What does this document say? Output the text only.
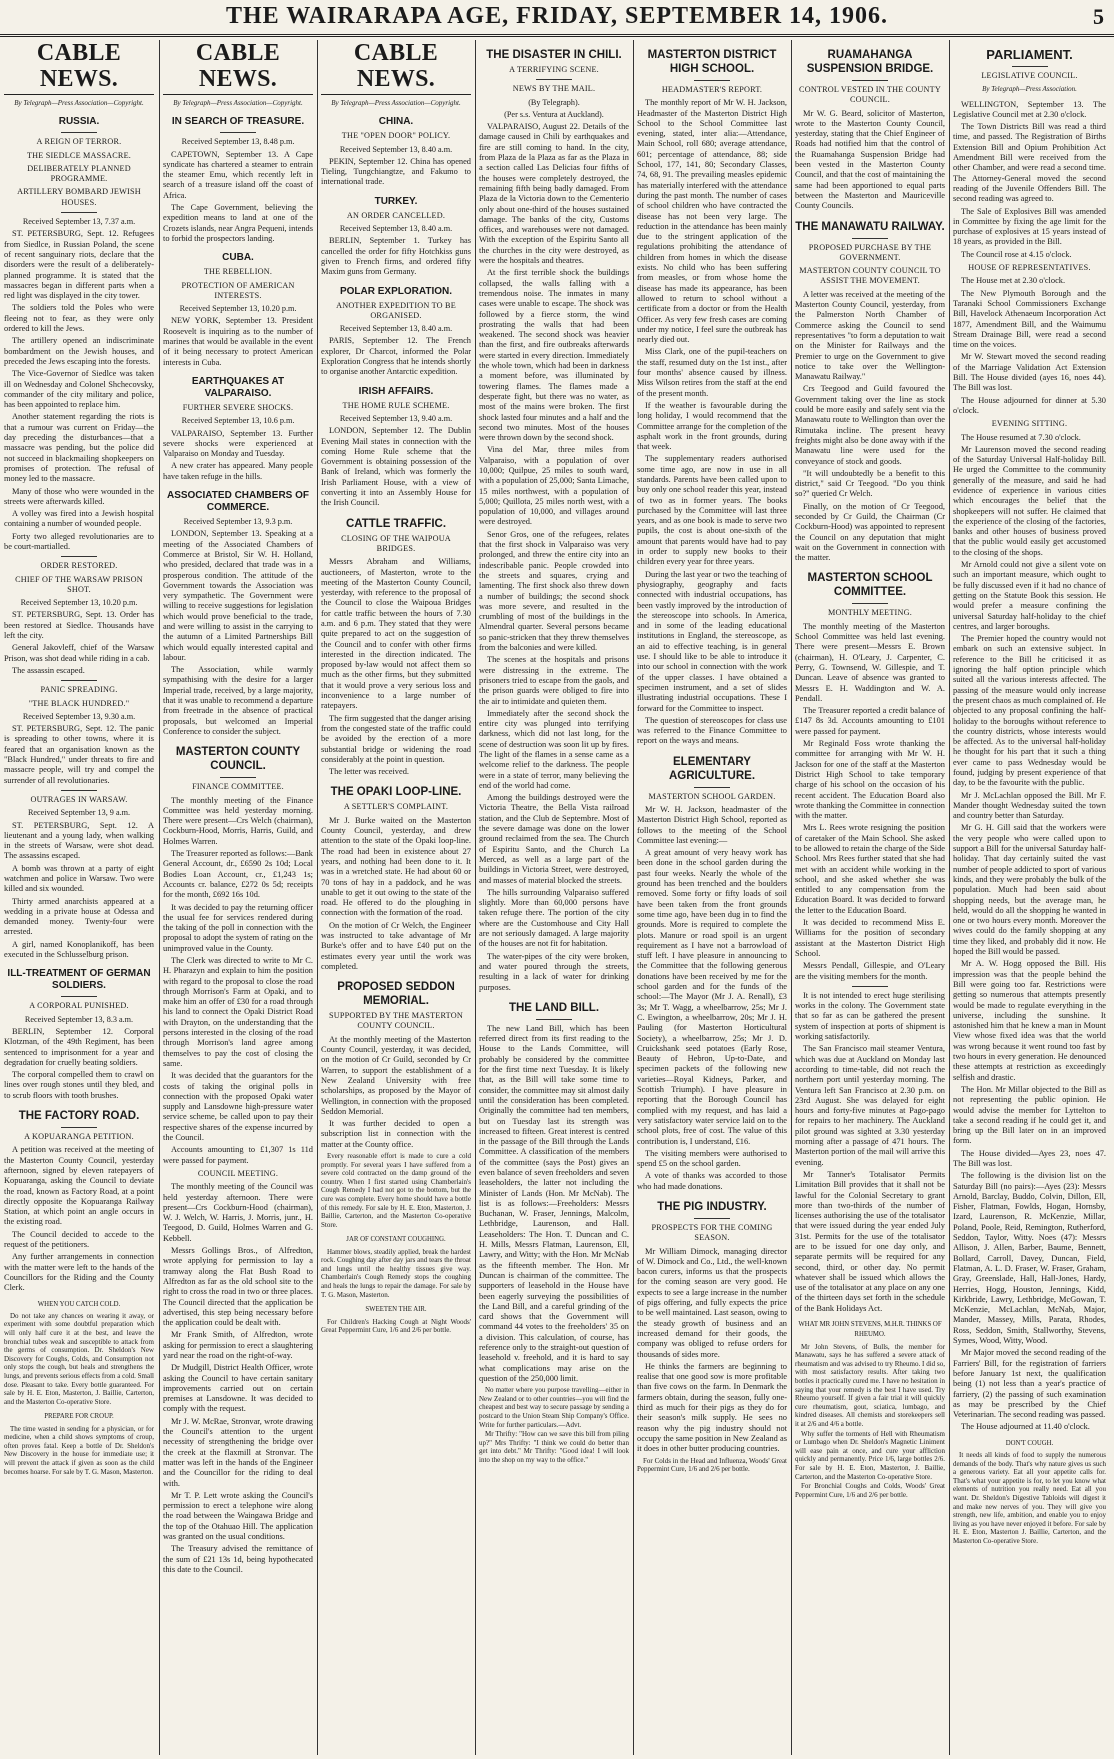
THE WAIRARAPA AGE, FRIDAY, SEPTEMBER 14, 1906.	5
CABLE NEWS.
By Telegraph—Press Association—Copyright.
RUSSIA.
A REIGN OF TERROR.
THE SIEDLCE MASSACRE.
DELIBERATELY PLANNED PROGRAMME.
ARTILLERY BOMBARD JEWISH HOUSES.
Received September 13, 7.37 a.m.

ST. PETERSBURG, Sept. 12. Refugees from Siedlce, in Russian Poland, the scene of recent sanguinary riots, declare that the disorders were the result of a deliberately-planned programme. It is stated that the massacres began in different parts when a red light was displayed in the city tower.

The soldiers told the Poles who were fleeing not to fear, as they were only ordered to kill the Jews.

The artillery opened an indiscriminate bombardment on the Jewish houses, and preceded the Jews escaping into the forests.

The Vice-Governor of Siedlce was taken ill on Wednesday and Colonel Shchecovsky, commander of the city military and police, has been appointed to replace him.

Another statement regarding the riots is that a rumour was current on Friday—the day preceding the disturbances—that a massacre was pending, but the police did not succeed in blackmailing shopkeepers on promises of protection. The refusal of money led to the massacre.

Many of those who were wounded in the streets were afterwards killed.

A volley was fired into a Jewish hospital containing a number of wounded people.

Forty two alleged revolutionaries are to be court-martialled.

ORDER RESTORED.
CHIEF OF THE WARSAW PRISON SHOT.
Received September 13, 10.20 p.m.

ST. PETERSBURG, Sept. 13. Order has been restored at Siedlce. Thousands have left the city.

General Jakovleff, chief of the Warsaw Prison, was shot dead while riding in a cab.

The assassin escaped.

PANIC SPREADING.
"THE BLACK HUNDRED."
Received September 13, 9.30 a.m.

ST. PETERSBURG, Sept. 12. The panic is spreading to other towns, where it is feared that an organisation known as the "Black Hundred," under threats to fire and massacre people, will try and compel the surrender of all revolutionaries.

OUTRAGES IN WARSAW.
Received September 13, 9 a.m.

ST. PETERSBURG, Sept. 12. A lieutenant and a young lady, when walking in the streets of Warsaw, were shot dead. The assassins escaped.

A bomb was thrown at a party of eight watchmen and police in Warsaw. Two were killed and six wounded.

Thirty armed anarchists appeared at a wedding in a private house at Odessa and demanded money. Twenty-four were arrested.

A girl, named Konoplanikoff, has been executed in the Schlusselburg prison.

ILL-TREATMENT OF GERMAN SOLDIERS.
A CORPORAL PUNISHED.
Received September 13, 8.3 a.m.

BERLIN, September 12. Corporal Klotzman, of the 49th Regiment, has been sentenced to imprisonment for a year and degradation for cruelly beating soldiers.

The corporal compelled them to crawl on lines over rough stones until they bled, and to scrub floors with tooth brushes.

THE FACTORY ROAD.
A KOPUARANGA PETITION.

A petition was received at the meeting of the Masterton County Council, yesterday afternoon, signed by eleven ratepayers of Kopuaranga, asking the Council to deviate the road, known as Factory Road, at a point directly opposite the Kopuaranga Railway Station, at which point an angle occurs in the existing road.

The Council decided to accede to the request of the petitioners.

Any further arrangements in connection with the matter were left to the hands of the Councillors for the Riding and the County Clerk.

WHEN YOU CATCH COLD.

Do not take any chances on wearing it away, or experiment with some doubtful preparation which will only half cure it at the best, and leave the bronchial tubes weak and susceptible to attack from the germs of consumption. Dr. Sheldon's New Discovery for Coughs, Colds, and Consumption not only stops the cough, but heals and strengthens the lungs, and prevents serious effects from a cold. Small dose. Pleasant to take. Every bottle guaranteed. For sale by H. E. Eton, Masterton, J. Baillie, Carterton, and the Masterton Co-operative Store.

PREPARE FOR CROUP.

The time wasted in sending for a physician, or for medicine, when a child shows symptoms of croup, often proves fatal. Keep a bottle of Dr. Sheldon's New Discovery in the house for immediate use; it will prevent the attack if given as soon as the child becomes hoarse. For sale by T. G. Mason, Masterton.

CABLE NEWS.
By Telegraph—Press Association—Copyright.
IN SEARCH OF TREASURE.
Received September 13, 8.48 p.m.

CAPETOWN, September 13. A Cape syndicate has chartered a steamer to entrain the steamer Emu, which recently left in search of a treasure island off the coast of Africa.

The Cape Government, believing the expedition means to land at one of the Crozets islands, near Angra Pequeni, intends to forbid the prospectors landing.

CUBA.
THE REBELLION.
PROTECTION OF AMERICAN INTERESTS.
Received September 13, 10.20 p.m.

NEW YORK, September 13. President Roosevelt is inquiring as to the number of marines that would be available in the event of it being necessary to protect American interests in Cuba.

EARTHQUAKES AT VALPARAISO.
FURTHER SEVERE SHOCKS.
Received September 13, 10.6 p.m.

VALPARAISO, September 13. Further severe shocks were experienced at Valparaiso on Monday and Tuesday.

A new crater has appeared. Many people have taken refuge in the hills.

ASSOCIATED CHAMBERS OF COMMERCE.
Received September 13, 9.3 p.m.

LONDON, September 13. Speaking at a meeting of the Associated Chambers of Commerce at Bristol, Sir W. H. Holland, who presided, declared that trade was in a prosperous condition. The attitude of the Government towards the Association was very sympathetic. The Government were willing to receive suggestions for legislation which would prove beneficial to the trade, and were willing to assist in the carrying to the autumn of a Limited Partnerships Bill which would equally interested capital and labour.

The Association, while warmly sympathising with the desire for a larger Imperial trade, received, by a large majority, that it was unable to recommend a departure from freetrade in the absence of practical proposals, but welcomed an Imperial Conference to consider the subject.

MASTERTON COUNTY COUNCIL.
FINANCE COMMITTEE.

The monthly meeting of the Finance Committee was held yesterday morning. There were present—Crs Welch (chairman), Cockburn-Hood, Morris, Harris, Guild, and Holmes Warren.

The Treasurer reported as follows:—Bank General Account, dr., £6590 2s 10d; Local Bodies Loan Account, cr., £1,243 1s; Accounts cr. balance, £272 0s 5d; receipts for the month, £692 16s 10d.

It was decided to pay the returning officer the usual fee for services rendered during the taking of the poll in connection with the proposal to adopt the system of rating on the unimproved value in the County.

The Clerk was directed to write to Mr C. H. Pharazyn and explain to him the position with regard to the proposal to close the road through Morrison's Farm at Opaki, and to make him an offer of £30 for a road through his land to connect the Opaki District Road with Drayton, on the understanding that the persons interested in the closing of the road through Morrison's land agree among themselves to pay the cost of closing the same.

It was decided that the guarantors for the costs of taking the original polls in connection with the proposed Opaki water supply and Lansdowne high-pressure water service scheme, be called upon to pay their respective shares of the expense incurred by the Council.

Accounts amounting to £1,307 1s 11d were passed for payment.

COUNCIL MEETING.

The monthly meeting of the Council was held yesterday afternoon. There were present—Crs Cockburn-Hood (chairman), W. J. Welch, W. Harris, J. Morris, junr., H. Teegood, D. Guild, Holmes Warren and G. Kebbell.

Messrs Gollings Bros., of Alfredton, wrote applying for permission to lay a tramway along the Flat Bush Road to Alfredton as far as the old school site to the right to cross the road in two or three places. The Council directed that the application be advertised, this step being necessary before the application could be dealt with.

Mr Frank Smith, of Alfredton, wrote asking for permission to erect a slaughtering yard near the road on the right-of-way.

Dr Mudgill, District Health Officer, wrote asking the Council to have certain sanitary improvements carried out on certain premises at Lansdowne. It was decided to comply with the request.

Mr J. W. McRae, Stronvar, wrote drawing the Council's attention to the urgent necessity of strengthening the bridge over the creek at the flaxmill at Stronvar. The matter was left in the hands of the Engineer and the Councillor for the riding to deal with.

Mr T. P. Lett wrote asking the Council's permission to erect a telephone wire along the road between the Waingawa Bridge and the top of the Otahuao Hill. The application was granted on the usual conditions.

The Treasury advised the remittance of the sum of £21 13s 1d, being hypothecated this date to the Council.

CABLE NEWS.
By Telegraph—Press Association—Copyright.
CHINA.
THE "OPEN DOOR" POLICY.
Received September 13, 8.40 a.m.

PEKIN, September 12. China has opened Tieling, Tungchiangtze, and Fakumo to international trade.

TURKEY.
AN ORDER CANCELLED.
Received September 13, 8.40 a.m.

BERLIN, September 1. Turkey has cancelled the order for fifty Hotchkiss guns given to French firms, and ordered fifty Maxim guns from Germany.

POLAR EXPLORATION.
ANOTHER EXPEDITION TO BE ORGANISED.
Received September 13, 8.40 a.m.

PARIS, September 12. The French explorer, Dr Charcot, informed the Polar Exploration Congress that he intends shortly to organise another Antarctic expedition.

IRISH AFFAIRS.
THE HOME RULE SCHEME.
Received September 13, 9.40 a.m.

LONDON, September 12. The Dublin Evening Mail states in connection with the coming Home Rule scheme that the Government is obtaining possession of the Bank of Ireland, which was formerly the Irish Parliament House, with a view of converting it into an Assembly House for the Irish Council.

CATTLE TRAFFIC.
CLOSING OF THE WAIPOUA BRIDGES.

Messrs Abraham and Williams, auctioneers, of Masterton, wrote to the meeting of the Masterton County Council, yesterday, with reference to the proposal of the Council to close the Waipoua Bridges for cattle traffic between the hours of 7.30 a.m. and 6 p.m. They stated that they were quite prepared to act on the suggestion of the Council and to confer with other firms interested in the direction indicated. The proposed by-law would not affect them so much as the other firms, but they submitted that it would prove a very serious loss and inconvenience to a large number of ratepayers.

The firm suggested that the danger arising from the congested state of the traffic could be avoided by the erection of a more substantial bridge or widening the road considerably at the point in question.

The letter was received.

THE OPAKI LOOP-LINE.
A SETTLER'S COMPLAINT.

Mr J. Burke waited on the Masterton County Council, yesterday, and drew attention to the state of the Opaki loop-line. The road had been in existence about 27 years, and nothing had been done to it. It was in a wretched state. He had about 60 or 70 tons of hay in a paddock, and he was unable to get it out owing to the state of the road. He offered to do the ploughing in connection with the formation of the road.

On the motion of Cr Welch, the Engineer was instructed to take advantage of Mr Burke's offer and to have £40 put on the estimates every year until the work was completed.

PROPOSED SEDDON MEMORIAL.
SUPPORTED BY THE MASTERTON COUNTY COUNCIL.

At the monthly meeting of the Masterton County Council, yesterday, it was decided, on the motion of Cr Guild, seconded by Cr Warren, to support the establishment of a New Zealand University with free scholarships, as proposed by the Mayor of Wellington, in connection with the proposed Seddon Memorial.

It was further decided to open a subscription list in connection with the matter at the County office.

Every reasonable effort is made to cure a cold promptly. For several years I have suffered from a severe cold contracted on the damp ground of the country. When I first started using Chamberlain's Cough Remedy I had not got to the bottom, but the cure was complete. Every home should have a bottle of this remedy. For sale by H. E. Eton, Masterton, J. Baillie, Carterton, and the Masterton Co-operative Store.

JAR OF CONSTANT COUGHING.

Hammer blows, steadily applied, break the hardest rock. Coughing day after day jars and tears the throat and lungs until the healthy tissues give way. Chamberlain's Cough Remedy stops the coughing and heals the lungs to repair the damage. For sale by T. G. Mason, Masterton.

SWEETEN THE AIR.

For Children's Hacking Cough at Night Woods' Great Peppermint Cure, 1/6 and 2/6 per bottle.

THE DISASTER IN CHILI.
A TERRIFYING SCENE.
NEWS BY THE MAIL.
(By Telegraph).
(Per s.s. Ventura at Auckland).

VALPARAISO, August 22. Details of the damage caused in Chili by earthquakes and fire are still coming to hand. In the city, from Plaza de la Plaza as far as the Plaza in a section called Las Delicias four fifths of the houses were completely destroyed, the remaining fifth being badly damaged. From Plaza de la Victoria down to the Cementerio only about one-third of the houses sustained damage. The banks of the city, Customs offices, and warehouses were not damaged. With the exception of the Espiritu Santo all the churches in the city were destroyed, as were the hospitals and theatres.

At the first terrible shock the buildings collapsed, the walls falling with a tremendous noise. The inmates in many cases were unable to escape. The shock was followed by a fierce storm, the wind prostrating the walls that had been weakened. The second shock was heavier than the first, and fire outbreaks afterwards were started in every direction. Immediately the whole town, which had been in darkness a moment before, was illuminated by towering flames. The flames made a desperate fight, but there was no water, as most of the mains were broken. The first shock lasted four minutes and a half and the second two minutes. Most of the houses were thrown down by the second shock.

Vina del Mar, three miles from Valparaiso, with a population of over 10,000; Quilpue, 25 miles to south ward, with a population of 25,000; Santa Limache, 15 miles northwest, with a population of 5,000; Quillota, 25 miles north west, with a population of 10,000, and villages around were destroyed.

Senor Gros, one of the refugees, relates that the first shock in Valparaiso was very prolonged, and threw the entire city into an indescribable panic. People crowded into the streets and squares, crying and lamenting. The first shock also threw down a number of buildings; the second shock was more severe, and resulted in the crumbling of most of the buildings in the Almendral quarter. Several persons became so panic-stricken that they threw themselves from the balconies and were killed.

The scenes at the hospitals and prisons were distressing in the extreme. The prisoners tried to escape from the gaols, and the prison guards were obliged to fire into the air to intimidate and quieten them.

Immediately after the second shock the entire city was plunged into terrifying darkness, which did not last long, for the scene of destruction was soon lit up by fires. The light of the flames in a sense came as a welcome relief to the darkness. The people were in a state of terror, many believing the end of the world had come.

Among the buildings destroyed were the Victoria Theatre, the Bella Vista railroad station, and the Club de Septembre. Most of the severe damage was done on the lower ground reclaimed from the sea. The Church of Espiritu Santo, and the Church La Merced, as well as a large part of the buildings in Victoria Street, were destroyed, and masses of material blocked the streets.

The hills surrounding Valparaiso suffered slightly. More than 60,000 persons have taken refuge there. The portion of the city where are the Customhouse and City Hall are not seriously damaged. A large majority of the houses are not fit for habitation.

The water-pipes of the city were broken, and water poured through the streets, resulting in a lack of water for drinking purposes.

THE LAND BILL.

The new Land Bill, which has been referred direct from its first reading to the House to the Lands Committee, will probably be considered by the committee for the first time next Tuesday. It is likely that, as the Bill will take some time to consider, the committee may sit almost daily until the consideration has been completed. Originally the committee had ten members, but on Tuesday last its strength was increased to fifteen. Great interest is centred in the passage of the Bill through the Lands Committee. A classification of the members of the committee (says the Post) gives an even balance of seven freeholders and seven leaseholders, the latter not including the Minister of Lands (Hon. Mr McNab). The list is as follows:—Freeholders: Messrs Buchanan, W. Fraser, Jennings, Malcolm, Lethbridge, Laurenson, and Hall. Leaseholders: The Hon. T. Duncan and C. H. Mills, Messrs Flatman, Laurenson, Ell, Lawry, and Witty; with the Hon. Mr McNab as the fifteenth member. The Hon. Mr Duncan is chairman of the committee. The supporters of leasehold in the House have been eagerly surveying the possibilities of the Land Bill, and a careful grinding of the card shows that the Government will command 44 votes to the freeholders' 35 on a division. This calculation, of course, has reference only to the straight-out question of leasehold v. freehold, and it is hard to say what complications may arise on the question of the 250,000 limit.

No matter where you purpose travelling—either in New Zealand or to other countries—you will find the cheapest and best way to secure passage by sending a postcard to the Union Steam Ship Company's Office. Write for further particulars.—Advt.

Mr Thrifty: "How can we save this bill from piling up?" Mrs Thrifty: "I think we could do better than get into debt." Mr Thrifty: "Good idea! I will look into the shop on my way to the office."

MASTERTON DISTRICT HIGH SCHOOL.
HEADMASTER'S REPORT.

The monthly report of Mr W. H. Jackson, Headmaster of the Masterton District High School to the School Committee last evening, stated, inter alia:—Attendance, Main School, roll 680; average attendance, 601; percentage of attendance, 88; side School, 177, 141, 80; Secondary Classes, 74, 68, 91. The prevailing measles epidemic has materially interfered with the attendance during the past month. The number of cases of school children who have contracted the disease has not been very large. The reduction in the attendance has been mainly due to the stringent application of the regulations prohibiting the attendance of children from homes in which the disease exists. No child who has been suffering from measles, or from whose home the disease has made its appearance, has been allowed to return to school without a certificate from a doctor or from the Health Officer. As very few fresh cases are coming under my notice, I feel sure the outbreak has nearly died out.

Miss Clark, one of the pupil-teachers on the staff, resumed duty on the 1st inst., after four months' absence caused by illness. Miss Wilson retires from the staff at the end of the present month.

If the weather is favourable during the long holiday, I would recommend that the Committee arrange for the completion of the asphalt work in the front grounds, during that week.

The supplementary readers authorised some time ago, are now in use in all standards. Parents have been called upon to buy only one school reader this year, instead of two as in former years. The books purchased by the Committee will last three years, and as one book is made to serve two pupils, the cost is about one-sixth of the amount that parents would have had to pay in order to supply new books to their children every year for three years.

During the last year or two the teaching of physiography, geography and facts connected with industrial occupations, has been vastly improved by the introduction of the stereoscope into schools. In America, and in some of the leading educational institutions in England, the stereoscope, as an aid to effective teaching, is in general use. I should like to be able to introduce it into our school in connection with the work of the upper classes. I have obtained a specimen instrument, and a set of slides illustrating industrial occupations. These I forward for the Committee to inspect.

The question of stereoscopes for class use was referred to the Finance Committee to report on the ways and means.

ELEMENTARY AGRICULTURE.
MASTERTON SCHOOL GARDEN.

Mr W. H. Jackson, headmaster of the Masterton District High School, reported as follows to the meeting of the School Committee last evening:—

A great amount of very heavy work has been done in the school garden during the past four weeks. Nearly the whole of the ground has been trenched and the boulders removed. Some forty or fifty loads of soil have been taken from the front grounds some time ago, have been dug in to find the grounds. More is required to complete the plots. Manure or road spoil is an urgent requirement as I have not a barrowload of stuff left. I have pleasure in announcing to the Committee that the following generous donations have been received by me for the school garden and for the funds of the school:—The Mayor (Mr J. A. Renall), £3 3s; Mr T. Wagg, a wheelbarrow, 25s; Mr J. C. Ewington, a wheelbarrow, 20s; Mr J. H. Pauling (for Masterton Horticultural Society), a wheelbarrow, 25s; Mr J. D. Cruickshank seed potatoes (Early Rose, Beauty of Hebron, Up-to-Date, and specimen packets of the following new varieties—Royal Kidneys, Parker, and Scottish Triumph). I have pleasure in reporting that the Borough Council has complied with my request, and has laid a very satisfactory water service laid on to the school plots, free of cost. The value of this contribution is, I understand, £16.

The visiting members were authorised to spend £5 on the school garden.

A vote of thanks was accorded to those who had made donations.

THE PIG INDUSTRY.
PROSPECTS FOR THE COMING SEASON.

Mr William Dimock, managing director of W. Dimock and Co., Ltd., the well-known bacon curers, informs us that the prospects for the coming season are very good. He expects to see a large increase in the number of pigs offering, and fully expects the price to be well maintained. Last season, owing to the steady growth of business and an increased demand for their goods, the company was obliged to refuse orders for thousands of sides more.

He thinks the farmers are beginning to realise that one good sow is more profitable than five cows on the farm. In Denmark the farmers obtain, during the season, fully one-third as much for their pigs as they do for their season's milk supply. He sees no reason why the pig industry should not occupy the same position in New Zealand as it does in other butter producing countries.

For Colds in the Head and Influenza, Woods' Great Peppermint Cure, 1/6 and 2/6 per bottle.

RUAMAHANGA SUSPENSION BRIDGE.
CONTROL VESTED IN THE COUNTY COUNCIL.

Mr W. G. Beard, solicitor of Masterton, wrote to the Masterton County Council, yesterday, stating that the Chief Engineer of Roads had notified him that the control of the Ruamahanga Suspension Bridge had been vested in the Masterton County Council, and that the cost of maintaining the same had been apportioned to equal parts between the Masterton and Mauriceville County Councils.

THE MANAWATU RAILWAY.
PROPOSED PURCHASE BY THE GOVERNMENT.
MASTERTON COUNTY COUNCIL TO ASSIST THE MOVEMENT.

A letter was received at the meeting of the Masterton County Council, yesterday, from the Palmerston North Chamber of Commerce asking the Council to send representatives "to form a deputation to wait on the Minister for Railways and the Premier to urge on the Government to give notice to take over the Wellington-Manawatu Railway."

Crs Teegood and Guild favoured the Government taking over the line as stock could be more easily and safely sent via the Manawatu route to Wellington than over the Rimutaka incline. The present heavy freights might also be done away with if the Manawatu line were used for the conveyance of stock and goods.

"It will undoubtedly be a benefit to this district," said Cr Teegood. "Do you think so?" queried Cr Welch.

Finally, on the motion of Cr Teegood, seconded by Cr Guild, the Chairman (Cr Cockburn-Hood) was appointed to represent the Council on any deputation that might wait on the Government in connection with the matter.

MASTERTON SCHOOL COMMITTEE.
MONTHLY MEETING.

The monthly meeting of the Masterton School Committee was held last evening. There were present—Messrs E. Brown (chairman), H. O'Leary, J. Carpenter, C. Perry, G. Townsend, W. Gillespie, and T. Duncan. Leave of absence was granted to Messrs E. H. Waddington and W. A. Pendall.

The Treasurer reported a credit balance of £147 8s 3d. Accounts amounting to £101 were passed for payment.

Mr Reginald Foss wrote thanking the committee for arranging with Mr W. H. Jackson for one of the staff at the Masterton District High School to take temporary charge of his school on the occasion of his recent accident. The Education Board also wrote thanking the Committee in connection with the matter.

Mrs L. Rees wrote resigning the position of caretaker of the Main School. She asked to be allowed to retain the charge of the Side School. Mrs Rees further stated that she had met with an accident while working in the school, and she asked whether she was entitled to any compensation from the Education Board. It was decided to forward the letter to the Education Board.

It was decided to recommend Miss E. Williams for the position of secondary assistant at the Masterton District High School.

Messrs Pendall, Gillespie, and O'Leary are the visiting members for the month.

It is not intended to erect huge sterilising works in the colony. The Government state that so far as can be gathered the present system of inspection at ports of shipment is working satisfactorily.

The San Francisco mail steamer Ventura, which was due at Auckland on Monday last according to time-table, did not reach the northern port until yesterday morning. The Ventura left San Francisco at 2.30 p.m. on 23rd August. She was delayed for eight hours and forty-five minutes at Pago-pago for repairs to her machinery. The Auckland pilot ground was sighted at 3.30 yesterday morning after a passage of 471 hours. The Masterton portion of the mail will arrive this evening.

Mr Tanner's Totalisator Permits Limitation Bill provides that it shall not be lawful for the Colonial Secretary to grant more than two-thirds of the number of licenses authorising the use of the totalisator that were issued during the year ended July 31st. Permits for the use of the totalisator are to be issued for one day only, and separate permits will be required for any second, third, or other day. No permit whatever shall be issued which allows the use of the totalisator at any place on any one of the thirteen days set forth in the schedule of the Bank Holidays Act.

WHAT MR JOHN STEVENS, M.H.R. THINKS OF RHEUMO.

Mr John Stevens, of Bulls, the member for Manawatu, says he has suffered a severe attack of rheumatism and was advised to try Rheumo. I did so, with most satisfactory results. After taking two bottles it practically cured me. I have no hesitation in saying that your remedy is the best I have used. Try Rheumo yourself. If given a fair trial it will quickly cure rheumatism, gout, sciatica, lumbago, and kindred diseases. All chemists and storekeepers sell it at 2/6 and 4/6 a bottle.

Why suffer the torments of Hell with Rheumatism or Lumbago when Dr. Sheldon's Magnetic Liniment will ease pain at once, and cure your affliction quickly and permanently. Price 1/6, large bottles 2/6. For sale by H. E. Eton, Masterton, J. Baillie, Carterton, and the Masterton Co-operative Store.

For Bronchial Coughs and Colds, Woods' Great Peppermint Cure, 1/6 and 2/6 per bottle.

PARLIAMENT.
LEGISLATIVE COUNCIL.
By Telegraph—Press Association.

WELLINGTON, September 13. The Legislative Council met at 2.30 o'clock.

The Town Districts Bill was read a third time, and passed. The Registration of Births Extension Bill and Opium Prohibition Act Amendment Bill were received from the other Chamber, and were read a second time. The Attorney-General moved the second reading of the Juvenile Offenders Bill. The second reading was agreed to.

The Sale of Explosives Bill was amended in Committee by fixing the age limit for the purchase of explosives at 15 years instead of 18 years, as provided in the Bill.

The Council rose at 4.15 o'clock.

HOUSE OF REPRESENTATIVES.

The House met at 2.30 o'clock.

The New Plymouth Borough and the Taranaki School Commissioners Exchange Bill, Havelock Athenaeum Incorporation Act 1877, Amendment Bill, and the Waimumu Stream Drainage Bill, were read a second time on the voices.

Mr W. Stewart moved the second reading of the Marriage Validation Act Extension Bill. The House divided (ayes 16, noes 44). The Bill was lost.

The House adjourned for dinner at 5.30 o'clock.

EVENING SITTING.

The House resumed at 7.30 o'clock.

Mr Laurenson moved the second reading of the Saturday Universal Half-holiday Bill. He urged the Committee to the community generally of the measure, and said he had evidence of experience in various cities which encourages the belief that the shopkeepers will not suffer. He claimed that the experience of the closing of the factories, banks and other houses of business proved that the public would easily get accustomed to the closing of the shops.

Mr Arnold could not give a silent vote on such an important measure, which ought to be fully discussed even if it had no chance of getting on the Statute Book this session. He would prefer a measure confining the universal Saturday half-holiday to the chief centres, and larger boroughs.

The Premier hoped the country would not embark on such an extensive subject. In reference to the Bill he criticised it as ignoring the half option principle which suited all the various interests affected. The passing of the measure would only increase the present chaos as much complained of. He objected to any proposal confining the half-holiday to the boroughs without reference to the country districts, whose interests would be affected. As to the universal half-holiday he thought for his part that it such a thing ever came to pass Wednesday would be found, judging by present experience of that day, to be the favourite with the public.

Mr J. McLachlan opposed the Bill. Mr F. Mander thought Wednesday suited the town and country better than Saturday.

Mr G. H. Gill said that the workers were the very people who were called upon to support a Bill for the universal Saturday half-holiday. That day certainly suited the vast number of people addicted to sport of various kinds, and they were probably the bulk of the population. Much had been said about shopping needs, but the average man, he held, would do all the shopping he wanted in one or two hours every month. Moreover the wives could do the family shopping at any time they liked, and probably did it now. He hoped the Bill would be passed.

Mr A. W. Hogg opposed the Bill. His impression was that the people behind the Bill were going too far. Restrictions were getting so numerous that attempts presently would be made to regulate everything in the universe, including the sunshine. It astonished him that he knew a man in Mount View whose fixed idea was that the world was wrong because it went round too fast by two hours in every generation. He denounced these attempts at restriction as exceedingly selfish and drastic.

The Hon. Mr Millar objected to the Bill as not representing the public opinion. He would advise the member for Lyttelton to take a second reading if he could get it, and bring up the Bill later on in an improved form.

The House divided—Ayes 23, noes 47. The Bill was lost.

The following is the division list on the Saturday Bill (no pairs):—Ayes (23): Messrs Arnold, Barclay, Buddo, Colvin, Dillon, Ell, Fisher, Flatman, Fowlds, Hogan, Hornsby, Izard, Laurenson, R. McKenzie, Millar, Poland, Poole, Reid, Remington, Rutherford, Seddon, Taylor, Witty. Noes (47): Messrs Allison, J. Allen, Barber, Baume, Bennett, Bollard, Carroll, Davey, Duncan, Field, Flatman, A. L. D. Fraser, W. Fraser, Graham, Gray, Greenslade, Hall, Hall-Jones, Hardy, Herries, Hogg, Houston, Jennings, Kidd, Kirkbride, Lawry, Lethbridge, McGowan, T. McKenzie, McLachlan, McNab, Major, Mander, Massey, Mills, Parata, Rhodes, Ross, Seddon, Smith, Stallworthy, Stevens, Symes, Wood, Witty, Wood.

Mr Major moved the second reading of the Farriers' Bill, for the registration of farriers before January 1st next, the qualification being (1) not less than a year's practice of farriery, (2) the passing of such examination as may be prescribed by the Chief Veterinarian. The second reading was passed.

The House adjourned at 11.40 o'clock.

DON'T COUGH.

It needs all kinds of food to supply the numerous demands of the body. That's why nature gives us such a generous variety. Eat all your appetite calls for. That's what your appetite is for, to let you know what elements of nutrition you really need. Eat all you want. Dr. Sheldon's Digestive Tabloids will digest it and make new nerves of you. They will give you strength, new life, ambition, and enable you to enjoy living as you have never enjoyed it before. For sale by H. E. Eton, Masterton J. Baillie, Carterton, and the Masterton Co-operative Store.
